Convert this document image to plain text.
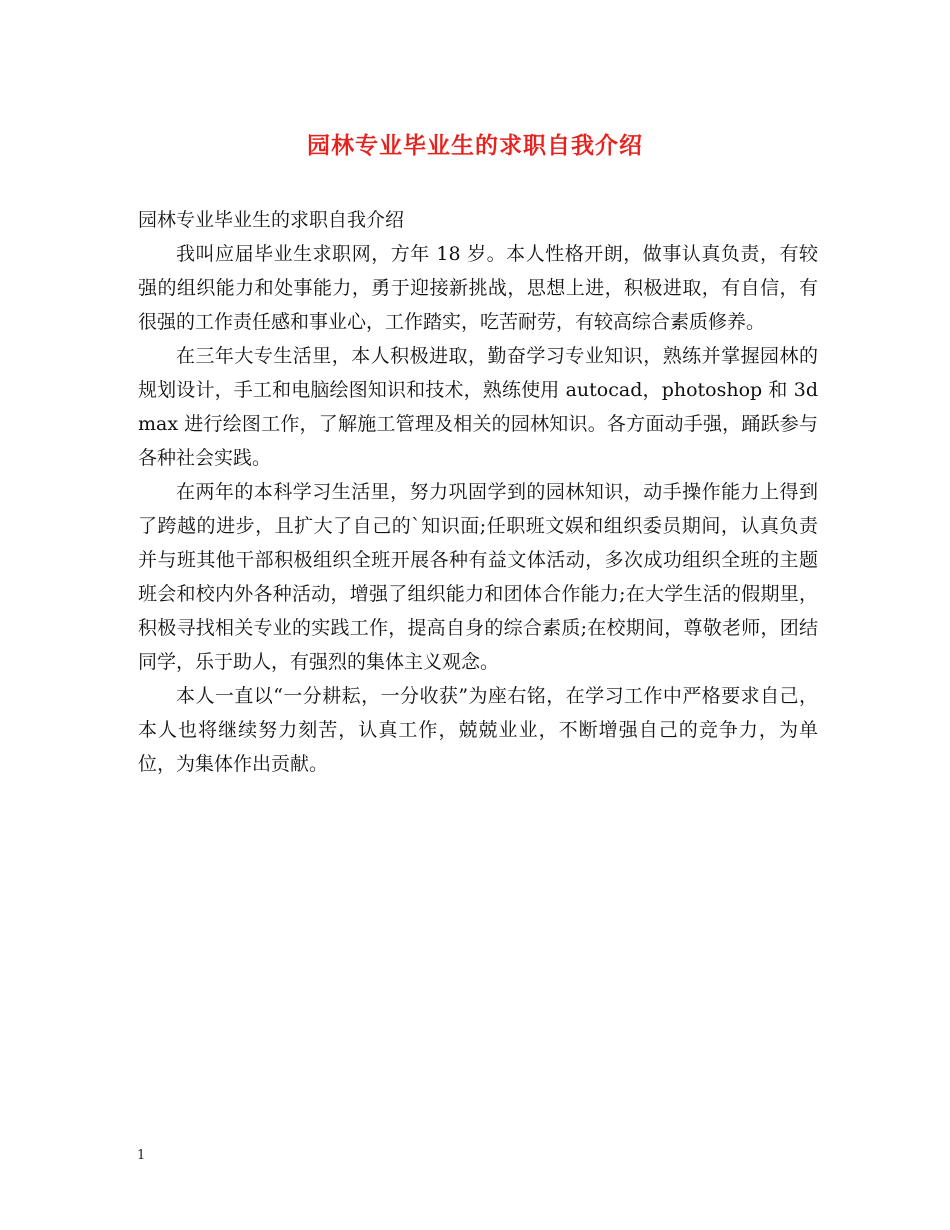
园林专业毕业生的求职自我介绍

园林专业毕业生的求职自我介绍

我叫应届毕业生求职网，方年 18 岁。本人性格开朗，做事认真负责，有较强的组织能力和处事能力，勇于迎接新挑战，思想上进，积极进取，有自信，有很强的工作责任感和事业心，工作踏实，吃苦耐劳，有较高综合素质修养。

在三年大专生活里，本人积极进取，勤奋学习专业知识，熟练并掌握园林的规划设计，手工和电脑绘图知识和技术，熟练使用 autocad，photoshop 和 3dmax 进行绘图工作，了解施工管理及相关的园林知识。各方面动手强，踊跃参与各种社会实践。

在两年的本科学习生活里，努力巩固学到的园林知识，动手操作能力上得到了跨越的进步，且扩大了自己的`知识面;任职班文娱和组织委员期间，认真负责并与班其他干部积极组织全班开展各种有益文体活动，多次成功组织全班的主题班会和校内外各种活动，增强了组织能力和团体合作能力;在大学生活的假期里，积极寻找相关专业的实践工作，提高自身的综合素质;在校期间，尊敬老师，团结同学，乐于助人，有强烈的集体主义观念。

本人一直以“一分耕耘，一分收获”为座右铭，在学习工作中严格要求自己，本人也将继续努力刻苦，认真工作，兢兢业业，不断增强自己的竞争力，为单位，为集体作出贡献。

1
